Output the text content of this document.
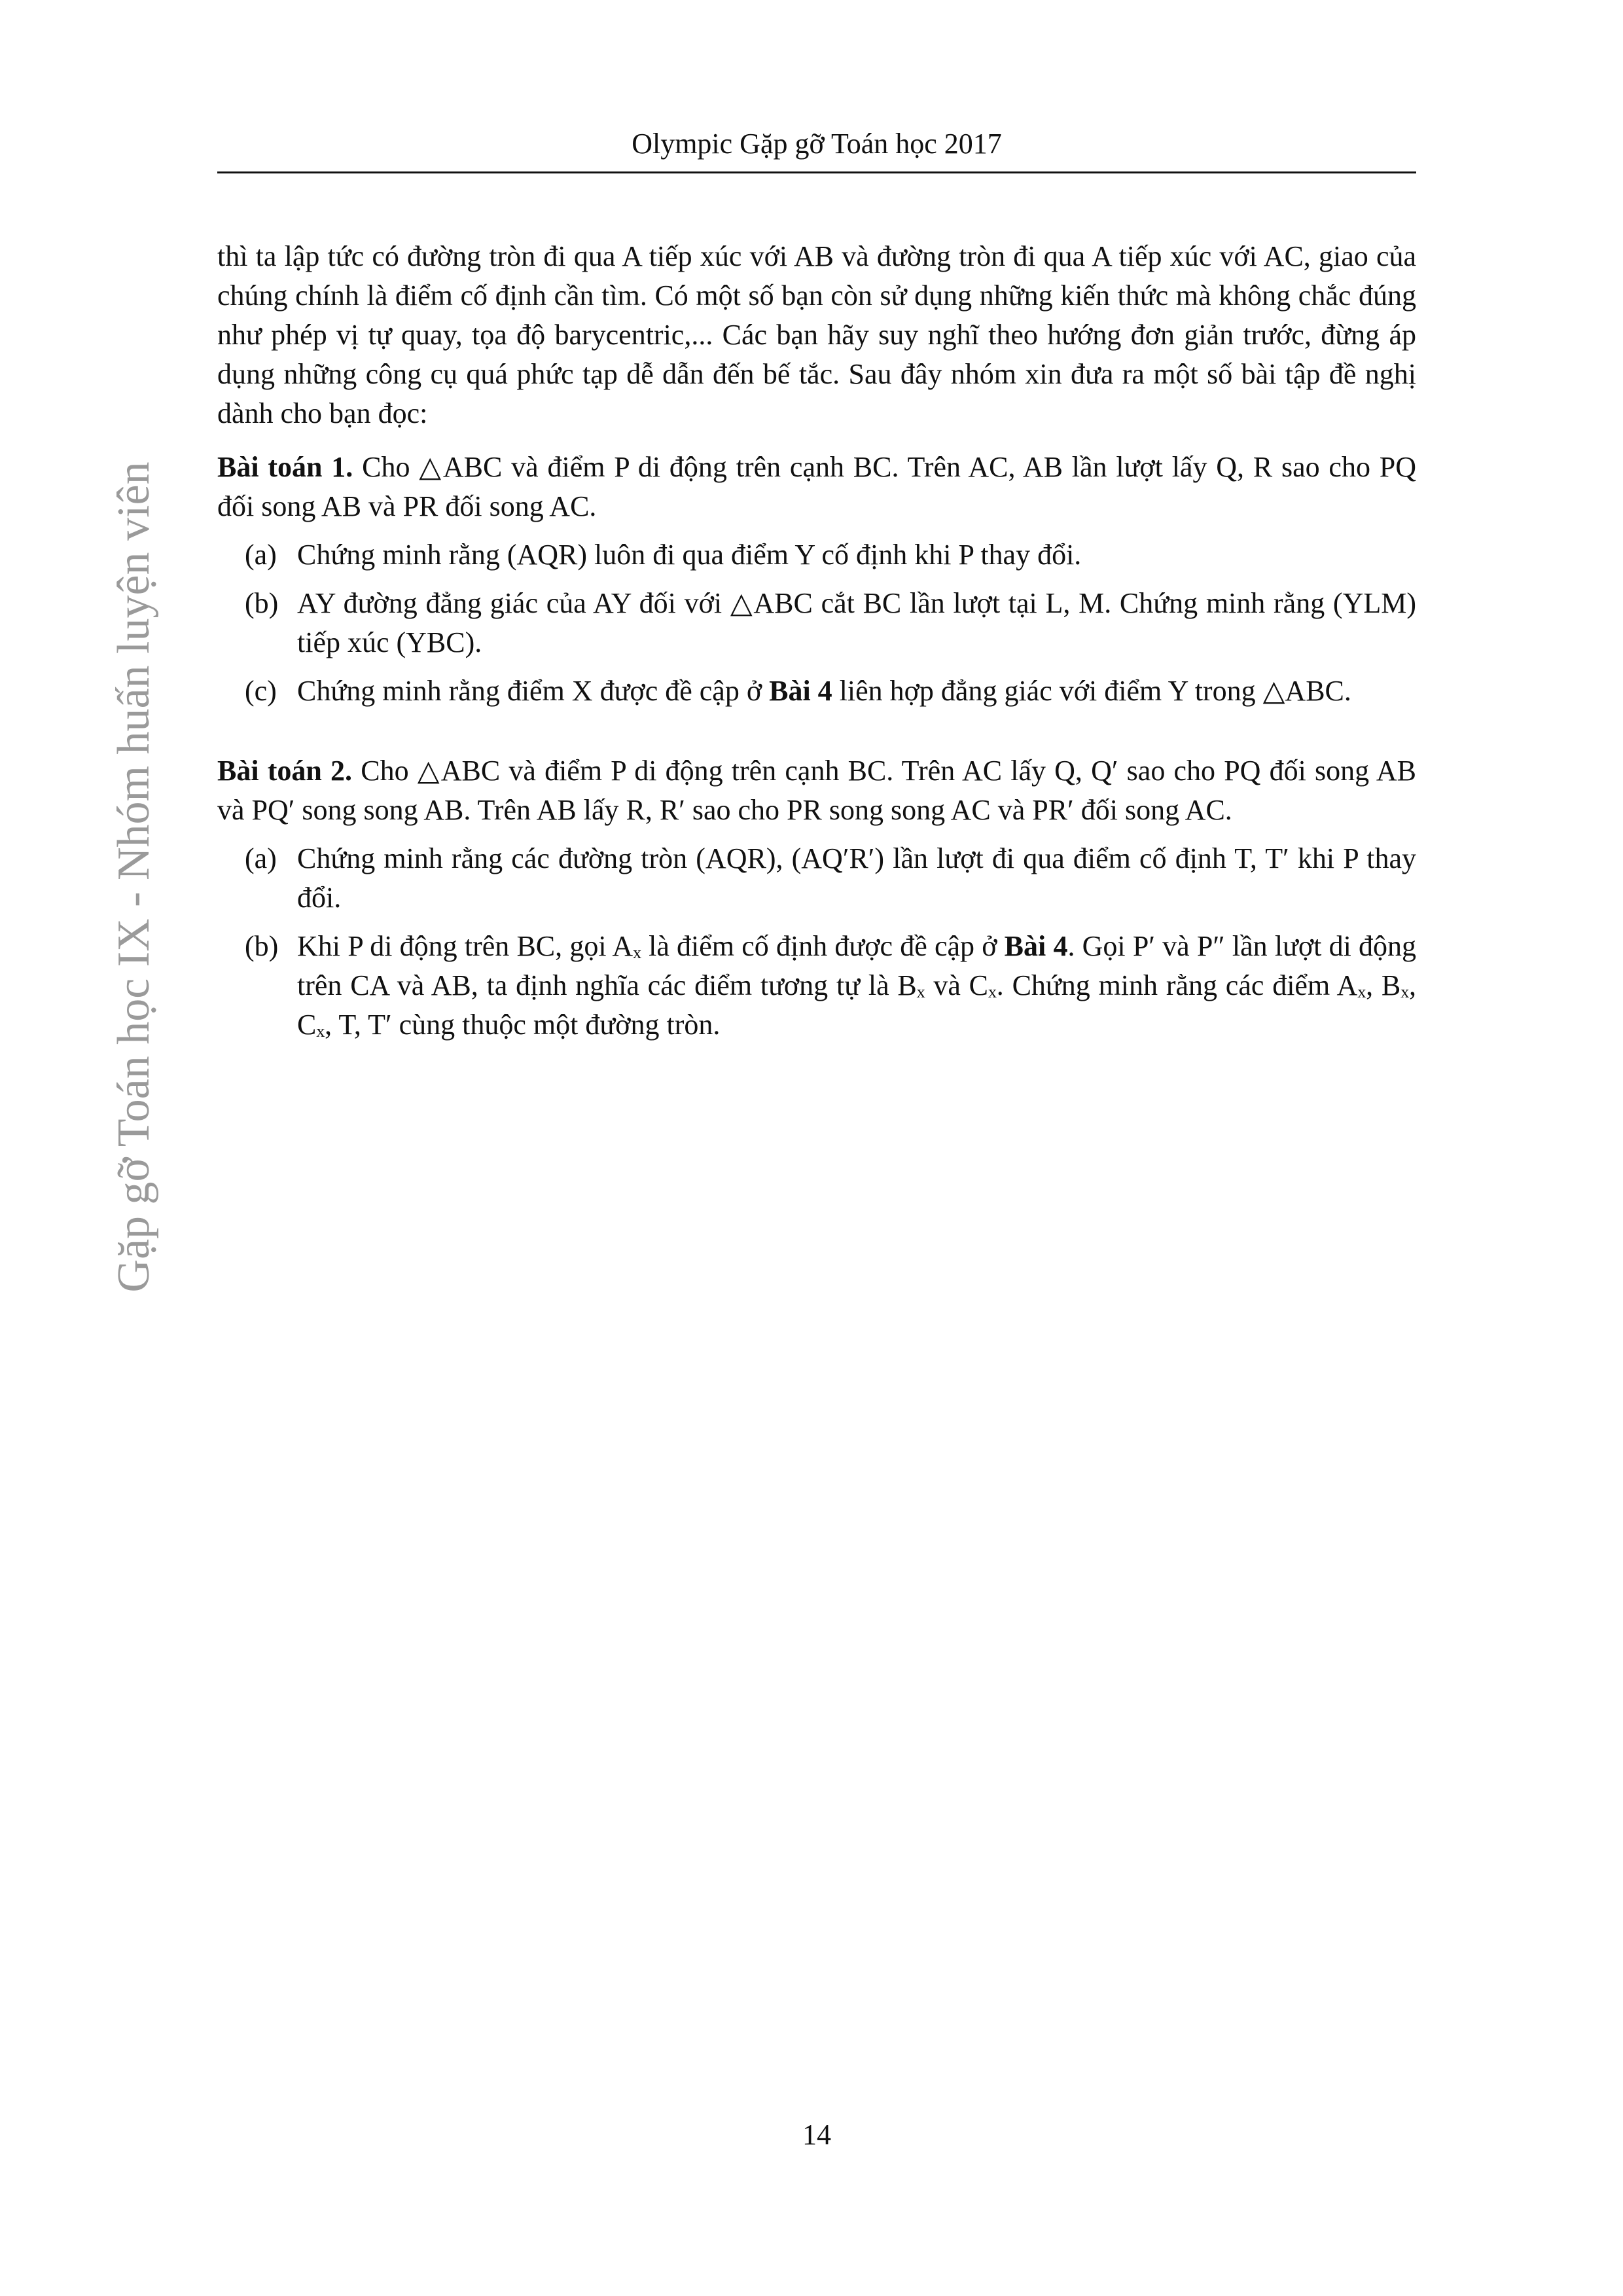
Olympic Gặp gỡ Toán học 2017
Gặp gỡ Toán học IX - Nhóm huấn luyện viên

thì ta lập tức có đường tròn đi qua A tiếp xúc với AB và đường tròn đi qua A tiếp xúc với AC, giao của chúng chính là điểm cố định cần tìm. Có một số bạn còn sử dụng những kiến thức mà không chắc đúng như phép vị tự quay, tọa độ barycentric,... Các bạn hãy suy nghĩ theo hướng đơn giản trước, đừng áp dụng những công cụ quá phức tạp dễ dẫn đến bế tắc. Sau đây nhóm xin đưa ra một số bài tập đề nghị dành cho bạn đọc:

Bài toán 1. Cho △ABC và điểm P di động trên cạnh BC. Trên AC, AB lần lượt lấy Q, R sao cho PQ đối song AB và PR đối song AC.

(a) Chứng minh rằng (AQR) luôn đi qua điểm Y cố định khi P thay đổi.
(b) AY đường đẳng giác của AY đối với △ABC cắt BC lần lượt tại L, M. Chứng minh rằng (YLM) tiếp xúc (YBC).
(c) Chứng minh rằng điểm X được đề cập ở Bài 4 liên hợp đẳng giác với điểm Y trong △ABC.

Bài toán 2. Cho △ABC và điểm P di động trên cạnh BC. Trên AC lấy Q, Q′ sao cho PQ đối song AB và PQ′ song song AB. Trên AB lấy R, R′ sao cho PR song song AC và PR′ đối song AC.

(a) Chứng minh rằng các đường tròn (AQR), (AQ′R′) lần lượt đi qua điểm cố định T, T′ khi P thay đổi.
(b) Khi P di động trên BC, gọi Aₓ là điểm cố định được đề cập ở Bài 4. Gọi P′ và P″ lần lượt di động trên CA và AB, ta định nghĩa các điểm tương tự là Bₓ và Cₓ. Chứng minh rằng các điểm Aₓ, Bₓ, Cₓ, T, T′ cùng thuộc một đường tròn.
14
